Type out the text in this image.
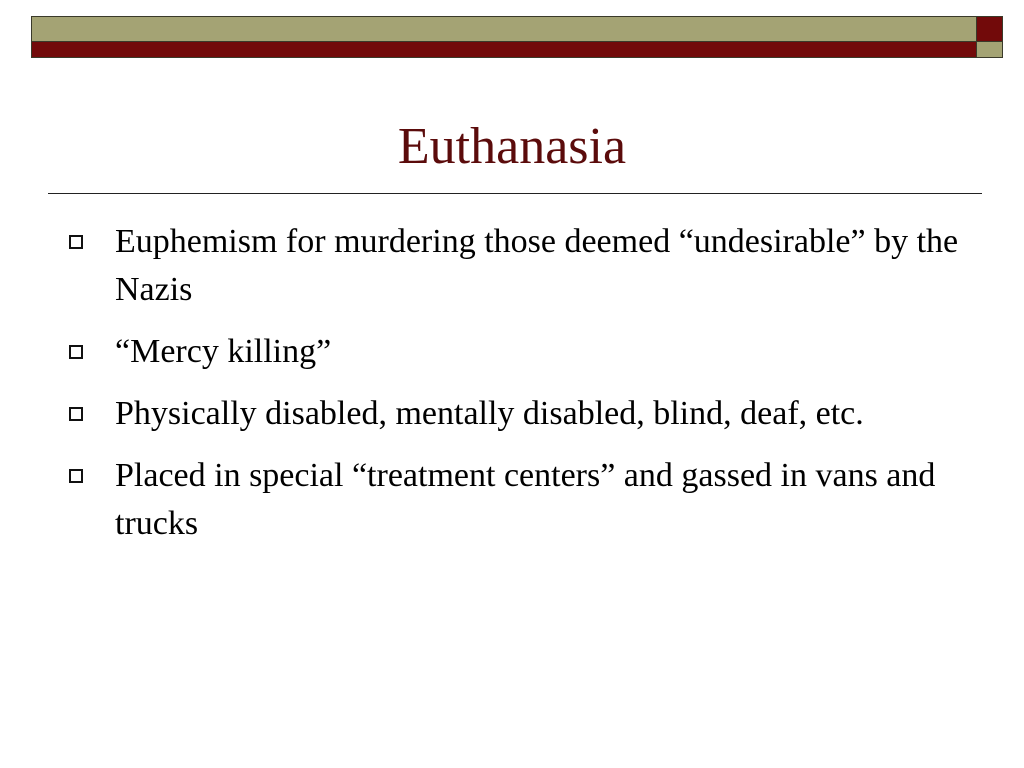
Euthanasia
Euphemism for murdering those deemed “undesirable” by the Nazis
“Mercy killing”
Physically disabled, mentally disabled, blind, deaf, etc.
Placed in special “treatment centers” and gassed in vans and trucks
